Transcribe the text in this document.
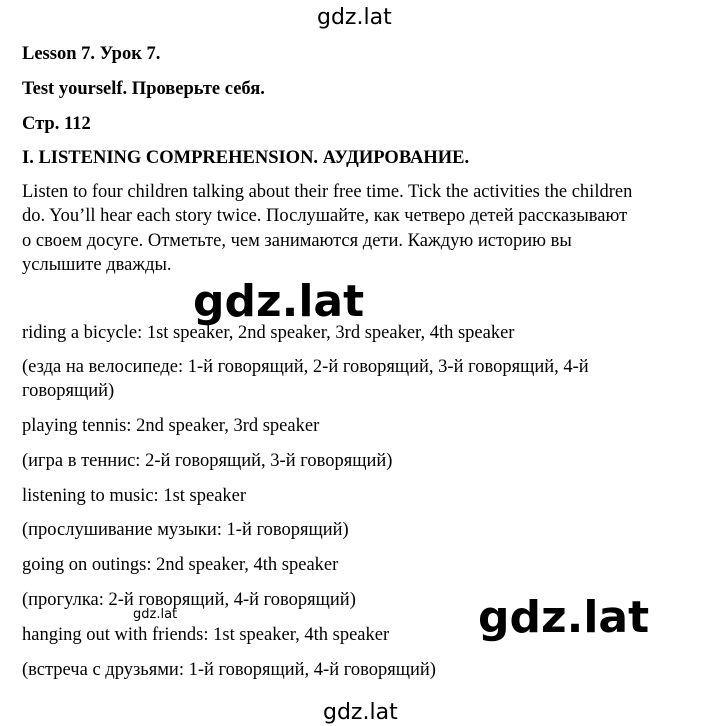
gdz.lat
Lesson 7. Урок 7.
Test yourself. Проверьте себя.
Стр. 112
I. LISTENING COMPREHENSION. АУДИРОВАНИЕ.
Listen to four children talking about their free time. Tick the activities the children
do. You’ll hear each story twice. Послушайте, как четверо детей рассказывают
о своем досуге. Отметьте, чем занимаются дети. Каждую историю вы
услышите дважды.
gdz.lat
riding a bicycle: 1st speaker, 2nd speaker, 3rd speaker, 4th speaker
(езда на велосипеде: 1-й говорящий, 2-й говорящий, 3-й говорящий, 4-й
говорящий)
playing tennis: 2nd speaker, 3rd speaker
(игра в теннис: 2-й говорящий, 3-й говорящий)
listening to music: 1st speaker
(прослушивание музыки: 1-й говорящий)
going on outings: 2nd speaker, 4th speaker
(прогулка: 2-й говорящий, 4-й говорящий)
hanging out with friends: 1st speaker, 4th speaker
(встреча с друзьями: 1-й говорящий, 4-й говорящий)
gdz.lat	gdz.lat
gdz.lat
